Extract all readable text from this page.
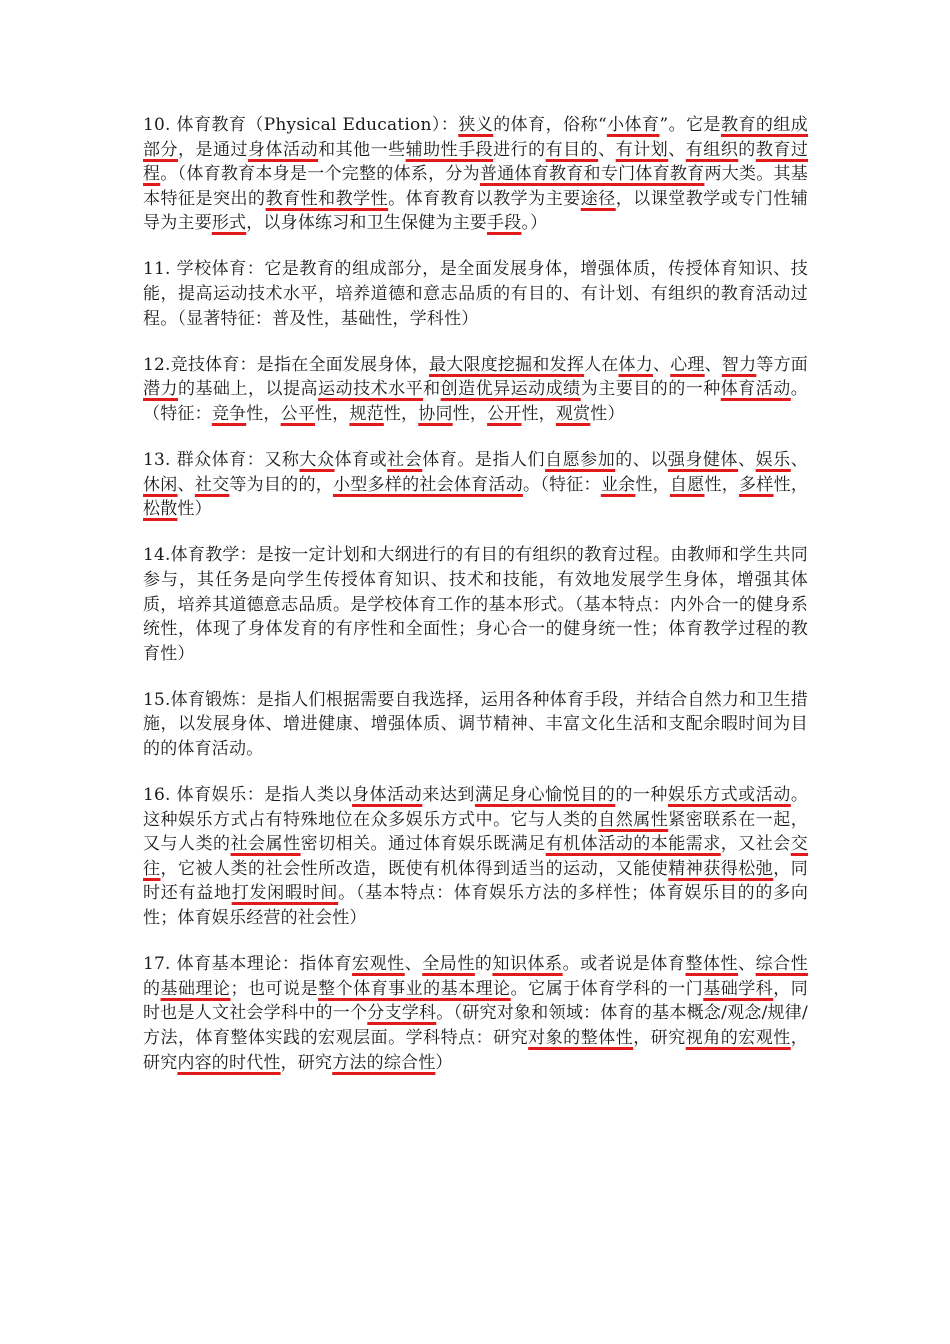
10. 体育教育（Physical Education）：狭义的体育，俗称“小体育”。它是教育的组成部分，是通过身体活动和其他一些辅助性手段进行的有目的、有计划、有组织的教育过程。（体育教育本身是一个完整的体系，分为普通体育教育和专门体育教育两大类。其基本特征是突出的教育性和教学性。体育教育以教学为主要途径，以课堂教学或专门性辅导为主要形式，以身体练习和卫生保健为主要手段。）

11. 学校体育：它是教育的组成部分，是全面发展身体，增强体质，传授体育知识、技能，提高运动技术水平，培养道德和意志品质的有目的、有计划、有组织的教育活动过程。（显著特征：普及性，基础性，学科性）

12.竞技体育：是指在全面发展身体，最大限度挖掘和发挥人在体力、心理、智力等方面潜力的基础上，以提高运动技术水平和创造优异运动成绩为主要目的的一种体育活动。（特征：竞争性，公平性，规范性，协同性，公开性，观赏性）

13. 群众体育：又称大众体育或社会体育。是指人们自愿参加的、以强身健体、娱乐、休闲、社交等为目的的，小型多样的社会体育活动。（特征：业余性，自愿性，多样性，松散性）

14.体育教学：是按一定计划和大纲进行的有目的有组织的教育过程。由教师和学生共同参与，其任务是向学生传授体育知识、技术和技能，有效地发展学生身体，增强其体质，培养其道德意志品质。是学校体育工作的基本形式。（基本特点：内外合一的健身系统性，体现了身体发育的有序性和全面性；身心合一的健身统一性；体育教学过程的教育性）

15.体育锻炼：是指人们根据需要自我选择，运用各种体育手段，并结合自然力和卫生措施，以发展身体、增进健康、增强体质、调节精神、丰富文化生活和支配余暇时间为目的的体育活动。

16. 体育娱乐：是指人类以身体活动来达到满足身心愉悦目的的一种娱乐方式或活动。这种娱乐方式占有特殊地位在众多娱乐方式中。它与人类的自然属性紧密联系在一起，又与人类的社会属性密切相关。通过体育娱乐既满足有机体活动的本能需求，又社会交往，它被人类的社会性所改造，既使有机体得到适当的运动，又能使精神获得松弛，同时还有益地打发闲暇时间。（基本特点：体育娱乐方法的多样性；体育娱乐目的的多向性；体育娱乐经营的社会性）

17. 体育基本理论：指体育宏观性、全局性的知识体系。或者说是体育整体性、综合性的基础理论；也可说是整个体育事业的基本理论。它属于体育学科的一门基础学科，同时也是人文社会学科中的一个分支学科。（研究对象和领域：体育的基本概念/观念/规律/方法，体育整体实践的宏观层面。学科特点：研究对象的整体性，研究视角的宏观性，研究内容的时代性，研究方法的综合性）
